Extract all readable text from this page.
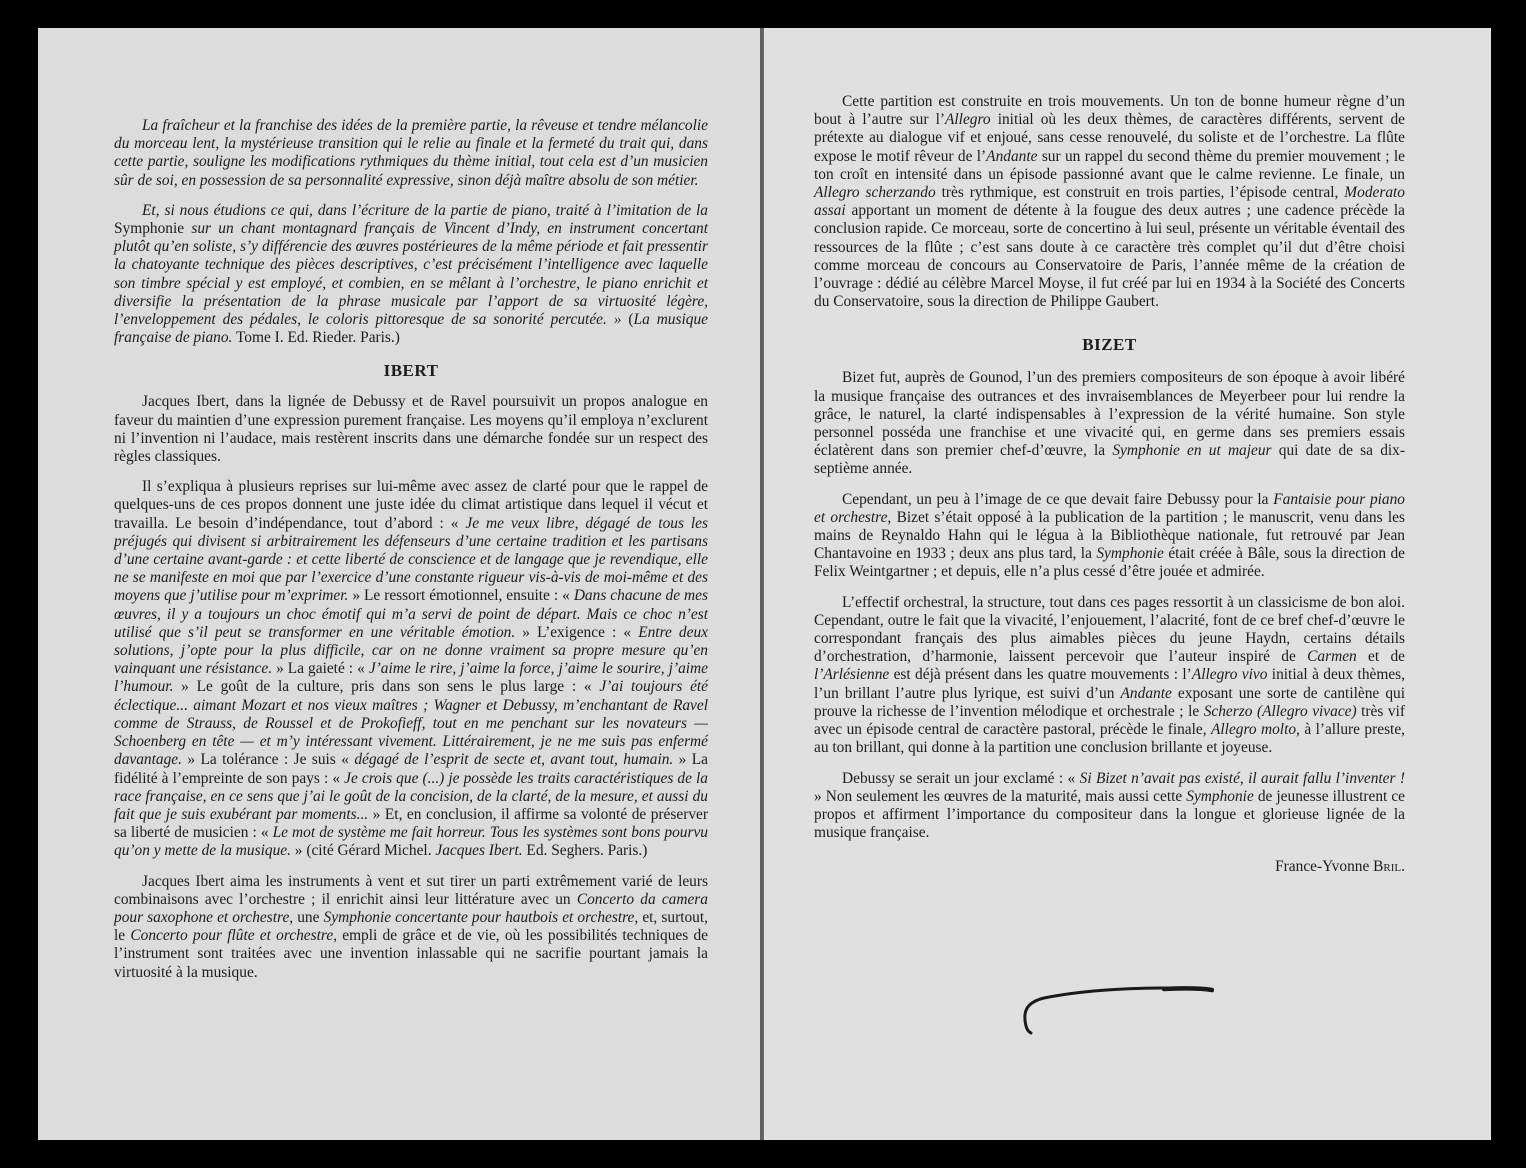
La fraîcheur et la franchise des idées de la première partie, la rêveuse et tendre mélancolie du morceau lent, la mystérieuse transition qui le relie au finale et la fermeté du trait qui, dans cette partie, souligne les modifications rythmiques du thème initial, tout cela est d’un musicien sûr de soi, en possession de sa personnalité expressive, sinon déjà maître absolu de son métier.

Et, si nous étudions ce qui, dans l’écriture de la partie de piano, traité à l’imitation de la Symphonie sur un chant montagnard français de Vincent d’Indy, en instrument concertant plutôt qu’en soliste, s’y différencie des œuvres postérieures de la même période et fait pressentir la chatoyante technique des pièces descriptives, c’est précisément l’intelligence avec laquelle son timbre spécial y est employé, et combien, en se mêlant à l’orchestre, le piano enrichit et diversifie la présentation de la phrase musicale par l’apport de sa virtuosité légère, l’enveloppement des pédales, le coloris pittoresque de sa sonorité percutée. » (La musique française de piano. Tome I. Ed. Rieder. Paris.)

IBERT

Jacques Ibert, dans la lignée de Debussy et de Ravel poursuivit un propos analogue en faveur du maintien d’une expression purement française. Les moyens qu’il employa n’exclurent ni l’invention ni l’audace, mais restèrent inscrits dans une démarche fondée sur un respect des règles classiques.

Il s’expliqua à plusieurs reprises sur lui-même avec assez de clarté pour que le rappel de quelques-uns de ces propos donnent une juste idée du climat artistique dans lequel il vécut et travailla. Le besoin d’indépendance, tout d’abord : « Je me veux libre, dégagé de tous les préjugés qui divisent si arbitrairement les défenseurs d’une certaine tradition et les partisans d’une certaine avant-garde : et cette liberté de conscience et de langage que je revendique, elle ne se manifeste en moi que par l’exercice d’une constante rigueur vis-à-vis de moi-même et des moyens que j’utilise pour m’exprimer. » Le ressort émotionnel, ensuite : « Dans chacune de mes œuvres, il y a toujours un choc émotif qui m’a servi de point de départ. Mais ce choc n’est utilisé que s’il peut se transformer en une véritable émotion. » L’exigence : « Entre deux solutions, j’opte pour la plus difficile, car on ne donne vraiment sa propre mesure qu’en vainquant une résistance. » La gaieté : « J’aime le rire, j’aime la force, j’aime le sourire, j’aime l’humour. » Le goût de la culture, pris dans son sens le plus large : « J’ai toujours été éclectique... aimant Mozart et nos vieux maîtres ; Wagner et Debussy, m’enchantant de Ravel comme de Strauss, de Roussel et de Prokofieff, tout en me penchant sur les novateurs — Schoenberg en tête — et m’y intéressant vivement. Littérairement, je ne me suis pas enfermé davantage. » La tolérance : Je suis « dégagé de l’esprit de secte et, avant tout, humain. » La fidélité à l’empreinte de son pays : « Je crois que (...) je possède les traits caractéristiques de la race française, en ce sens que j’ai le goût de la concision, de la clarté, de la mesure, et aussi du fait que je suis exubérant par moments... » Et, en conclusion, il affirme sa volonté de préserver sa liberté de musicien : « Le mot de système me fait horreur. Tous les systèmes sont bons pourvu qu’on y mette de la musique. » (cité Gérard Michel. Jacques Ibert. Ed. Seghers. Paris.)

Jacques Ibert aima les instruments à vent et sut tirer un parti extrêmement varié de leurs combinaisons avec l’orchestre ; il enrichit ainsi leur littérature avec un Concerto da camera pour saxophone et orchestre, une Symphonie concertante pour hautbois et orchestre, et, surtout, le Concerto pour flûte et orchestre, empli de grâce et de vie, où les possibilités techniques de l’instrument sont traitées avec une invention inlassable qui ne sacrifie pourtant jamais la virtuosité à la musique.

Cette partition est construite en trois mouvements. Un ton de bonne humeur règne d’un bout à l’autre sur l’Allegro initial où les deux thèmes, de caractères différents, servent de prétexte au dialogue vif et enjoué, sans cesse renouvelé, du soliste et de l’orchestre. La flûte expose le motif rêveur de l’Andante sur un rappel du second thème du premier mouvement ; le ton croît en intensité dans un épisode passionné avant que le calme revienne. Le finale, un Allegro scherzando très rythmique, est construit en trois parties, l’épisode central, Moderato assai apportant un moment de détente à la fougue des deux autres ; une cadence précède la conclusion rapide. Ce morceau, sorte de concertino à lui seul, présente un véritable éventail des ressources de la flûte ; c’est sans doute à ce caractère très complet qu’il dut d’être choisi comme morceau de concours au Conservatoire de Paris, l’année même de la création de l’ouvrage : dédié au célèbre Marcel Moyse, il fut créé par lui en 1934 à la Société des Concerts du Conservatoire, sous la direction de Philippe Gaubert.

BIZET

Bizet fut, auprès de Gounod, l’un des premiers compositeurs de son époque à avoir libéré la musique française des outrances et des invraisemblances de Meyerbeer pour lui rendre la grâce, le naturel, la clarté indispensables à l’expression de la vérité humaine. Son style personnel posséda une franchise et une vivacité qui, en germe dans ses premiers essais éclatèrent dans son premier chef-d’œuvre, la Symphonie en ut majeur qui date de sa dix-septième année.

Cependant, un peu à l’image de ce que devait faire Debussy pour la Fantaisie pour piano et orchestre, Bizet s’était opposé à la publication de la partition ; le manuscrit, venu dans les mains de Reynaldo Hahn qui le légua à la Bibliothèque nationale, fut retrouvé par Jean Chantavoine en 1933 ; deux ans plus tard, la Symphonie était créée à Bâle, sous la direction de Felix Weintgartner ; et depuis, elle n’a plus cessé d’être jouée et admirée.

L’effectif orchestral, la structure, tout dans ces pages ressortit à un classicisme de bon aloi. Cependant, outre le fait que la vivacité, l’enjouement, l’alacrité, font de ce bref chef-d’œuvre le correspondant français des plus aimables pièces du jeune Haydn, certains détails d’orchestration, d’harmonie, laissent percevoir que l’auteur inspiré de Carmen et de l’Arlésienne est déjà présent dans les quatre mouvements : l’Allegro vivo initial à deux thèmes, l’un brillant l’autre plus lyrique, est suivi d’un Andante exposant une sorte de cantilène qui prouve la richesse de l’invention mélodique et orchestrale ; le Scherzo (Allegro vivace) très vif avec un épisode central de caractère pastoral, précède le finale, Allegro molto, à l’allure preste, au ton brillant, qui donne à la partition une conclusion brillante et joyeuse.

Debussy se serait un jour exclamé : « Si Bizet n’avait pas existé, il aurait fallu l’inventer ! » Non seulement les œuvres de la maturité, mais aussi cette Symphonie de jeunesse illustrent ce propos et affirment l’importance du compositeur dans la longue et glorieuse lignée de la musique française.

France-Yvonne Bril.
